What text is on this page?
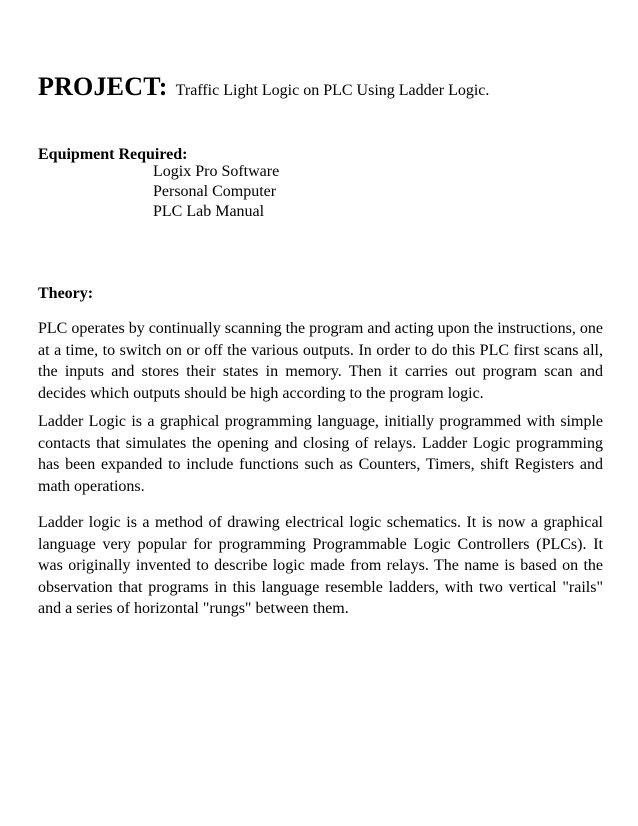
PROJECT: Traffic Light Logic on PLC Using Ladder Logic.
Equipment Required:
Logix Pro Software
Personal Computer
PLC Lab Manual
Theory:

PLC operates by continually scanning the program and acting upon the instructions, one at a time, to switch on or off the various outputs. In order to do this PLC first scans all, the inputs and stores their states in memory. Then it carries out program scan and decides which outputs should be high according to the program logic.

Ladder Logic is a graphical programming language, initially programmed with simple contacts that simulates the opening and closing of relays. Ladder Logic programming has been expanded to include functions such as Counters, Timers, shift Registers and math operations.

Ladder logic is a method of drawing electrical logic schematics. It is now a graphical language very popular for programming Programmable Logic Controllers (PLCs). It was originally invented to describe logic made from relays. The name is based on the observation that programs in this language resemble ladders, with two vertical "rails" and a series of horizontal "rungs" between them.
